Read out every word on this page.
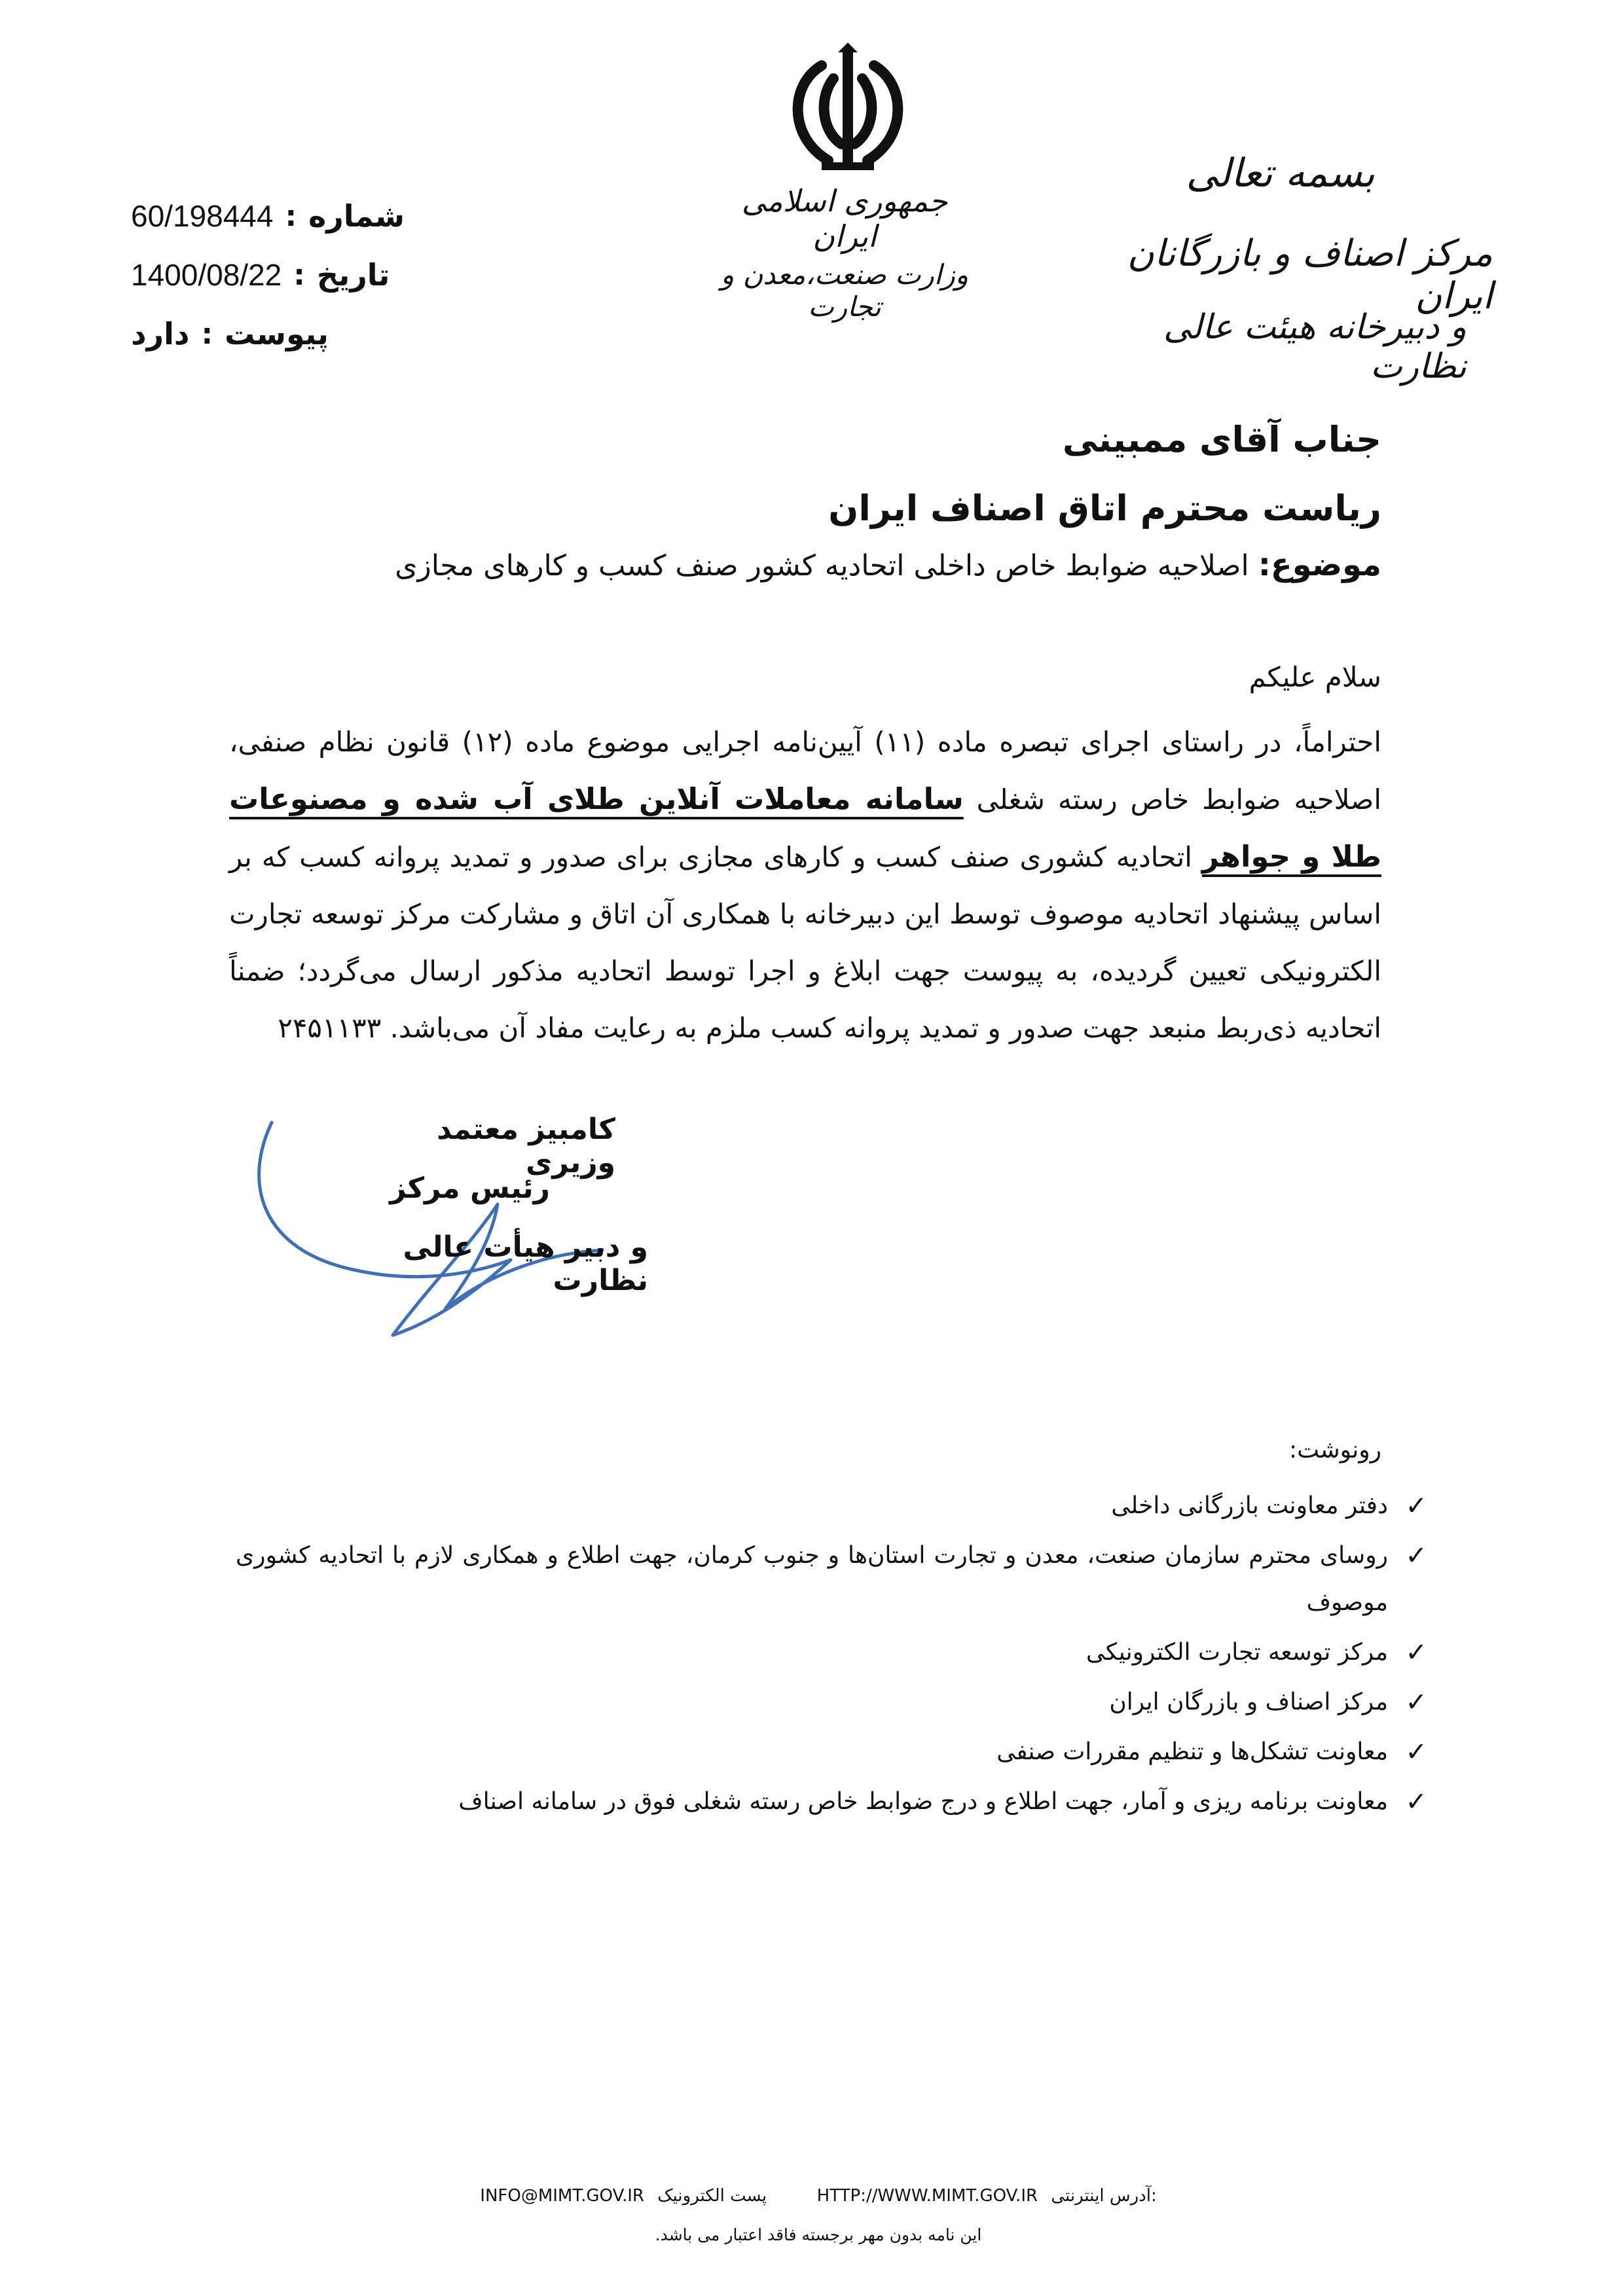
جمهوری اسلامی ایران
وزارت صنعت،معدن و تجارت
بسمه تعالی
مرکز اصناف و بازرگانان ایران
و دبیرخانه هیئت عالی نظارت
شماره
:
60/198444
تاریخ
:
1400/08/22
پیوست
:
دارد
جناب آقای ممبینی
ریاست محترم اتاق اصناف ایران
موضوع: اصلاحیه ضوابط خاص داخلی اتحادیه کشور صنف کسب و کارهای مجازی
سلام علیکم
احتراماً، در راستای اجرای تبصره ماده (۱۱) آیین‌نامه اجرایی موضوع ماده (۱۲) قانون نظام صنفی، اصلاحیه ضوابط خاص رسته شغلی سامانه معاملات آنلاین طلای آب شده و مصنوعات طلا و جواهر اتحادیه کشوری صنف کسب و کارهای مجازی برای صدور و تمدید پروانه کسب که بر اساس پیشنهاد اتحادیه موصوف توسط این دبیرخانه با همکاری آن اتاق و مشارکت مرکز توسعه تجارت الکترونیکی تعیین گردیده، به پیوست جهت ابلاغ و اجرا توسط اتحادیه مذکور ارسال می‌گردد؛ ضمناً اتحادیه ذی‌ربط منبعد جهت صدور و تمدید پروانه کسب ملزم به رعایت مفاد آن می‌باشد. ۲۴۵۱۱۳۳
کامبیز معتمد وزیری
رئیس مرکز
و دبیر هیأت عالی نظارت
رونوشت:
✓
دفتر معاونت بازرگانی داخلی
✓
روسای محترم سازمان صنعت، معدن و تجارت استان‌ها و جنوب کرمان، جهت اطلاع و همکاری لازم با اتحادیه کشوری موصوف
✓
مرکز توسعه تجارت الکترونیکی
✓
مرکز اصناف و بازرگان ایران
✓
معاونت تشکل‌ها و تنظیم مقررات صنفی
✓
معاونت برنامه ریزی و آمار، جهت اطلاع و درج ضوابط خاص رسته شغلی فوق در سامانه اصناف
INFO@MIMT.GOV.IR پست الکترونیک	HTTP://WWW.MIMT.GOV.IR آدرس اینترنتی:
این نامه بدون مهر برجسته فاقد اعتبار می باشد.
